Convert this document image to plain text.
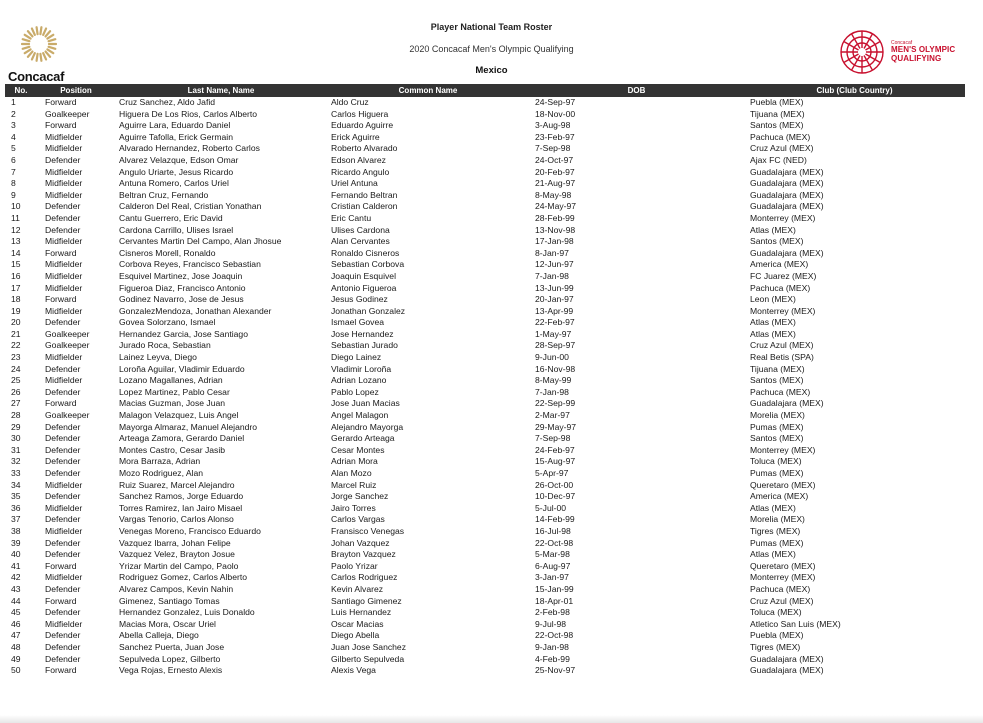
Concacaf
Player National Team Roster
2020 Concacaf Men's Olympic Qualifying
Mexico
Concacaf
MEN'S OLYMPIC
QUALIFYING
No.	Position	Last Name, Name	Common Name	DOB	Club (Club Country)
1	Forward	Cruz Sanchez, Aldo Jafid	Aldo Cruz	24-Sep-97	Puebla (MEX)
2	Goalkeeper	Higuera De Los Rios, Carlos Alberto	Carlos Higuera	18-Nov-00	Tijuana (MEX)
3	Forward	Aguirre Lara, Eduardo Daniel	Eduardo Aguirre	3-Aug-98	Santos (MEX)
4	Midfielder	Aguirre Tafolla, Erick Germain	Erick Aguirre	23-Feb-97	Pachuca (MEX)
5	Midfielder	Alvarado Hernandez, Roberto Carlos	Roberto Alvarado	7-Sep-98	Cruz Azul (MEX)
6	Defender	Alvarez Velazque, Edson Omar	Edson Alvarez	24-Oct-97	Ajax FC (NED)
7	Midfielder	Angulo Uriarte, Jesus Ricardo	Ricardo Angulo	20-Feb-97	Guadalajara (MEX)
8	Midfielder	Antuna Romero, Carlos Uriel	Uriel Antuna	21-Aug-97	Guadalajara (MEX)
9	Midfielder	Beltran Cruz, Fernando	Fernando Beltran	8-May-98	Guadalajara (MEX)
10	Defender	Calderon Del Real, Cristian Yonathan	Cristian Calderon	24-May-97	Guadalajara (MEX)
11	Defender	Cantu Guerrero, Eric David	Eric Cantu	28-Feb-99	Monterrey (MEX)
12	Defender	Cardona Carrillo, Ulises Israel	Ulises Cardona	13-Nov-98	Atlas (MEX)
13	Midfielder	Cervantes Martin Del Campo, Alan Jhosue	Alan Cervantes	17-Jan-98	Santos (MEX)
14	Forward	Cisneros Morell, Ronaldo	Ronaldo Cisneros	8-Jan-97	Guadalajara (MEX)
15	Midfielder	Corbova Reyes, Francisco Sebastian	Sebastian Corbova	12-Jun-97	America (MEX)
16	Midfielder	Esquivel Martinez, Jose Joaquin	Joaquin Esquivel	7-Jan-98	FC Juarez (MEX)
17	Midfielder	Figueroa Diaz, Francisco Antonio	Antonio Figueroa	13-Jun-99	Pachuca (MEX)
18	Forward	Godinez Navarro, Jose de Jesus	Jesus Godinez	20-Jan-97	Leon (MEX)
19	Midfielder	GonzalezMendoza, Jonathan Alexander	Jonathan Gonzalez	13-Apr-99	Monterrey (MEX)
20	Defender	Govea Solorzano, Ismael	Ismael Govea	22-Feb-97	Atlas (MEX)
21	Goalkeeper	Hernandez Garcia, Jose Santiago	Jose Hernandez	1-May-97	Atlas (MEX)
22	Goalkeeper	Jurado Roca, Sebastian	Sebastian Jurado	28-Sep-97	Cruz Azul (MEX)
23	Midfielder	Lainez Leyva, Diego	Diego Lainez	9-Jun-00	Real Betis (SPA)
24	Defender	Loroña Aguilar, Vladimir Eduardo	Vladimir Loroña	16-Nov-98	Tijuana (MEX)
25	Midfielder	Lozano Magallanes, Adrian	Adrian Lozano	8-May-99	Santos (MEX)
26	Defender	Lopez Martinez, Pablo Cesar	Pablo Lopez	7-Jan-98	Pachuca (MEX)
27	Forward	Macias Guzman, Jose Juan	Jose Juan Macias	22-Sep-99	Guadalajara (MEX)
28	Goalkeeper	Malagon Velazquez, Luis Angel	Angel Malagon	2-Mar-97	Morelia (MEX)
29	Defender	Mayorga Almaraz, Manuel Alejandro	Alejandro Mayorga	29-May-97	Pumas (MEX)
30	Defender	Arteaga Zamora, Gerardo Daniel	Gerardo Arteaga	7-Sep-98	Santos (MEX)
31	Defender	Montes Castro, Cesar Jasib	Cesar Montes	24-Feb-97	Monterrey (MEX)
32	Defender	Mora Barraza, Adrian	Adrian Mora	15-Aug-97	Toluca (MEX)
33	Defender	Mozo Rodriguez, Alan	Alan Mozo	5-Apr-97	Pumas (MEX)
34	Midfielder	Ruiz Suarez, Marcel Alejandro	Marcel Ruiz	26-Oct-00	Queretaro (MEX)
35	Defender	Sanchez Ramos, Jorge Eduardo	Jorge Sanchez	10-Dec-97	America (MEX)
36	Midfielder	Torres Ramirez, Ian Jairo Misael	Jairo Torres	5-Jul-00	Atlas (MEX)
37	Defender	Vargas Tenorio, Carlos Alonso	Carlos Vargas	14-Feb-99	Morelia (MEX)
38	Midfielder	Venegas Moreno, Francisco Eduardo	Fransisco Venegas	16-Jul-98	Tigres (MEX)
39	Defender	Vazquez Ibarra, Johan Felipe	Johan Vazquez	22-Oct-98	Pumas (MEX)
40	Defender	Vazquez Velez, Brayton Josue	Brayton Vazquez	5-Mar-98	Atlas (MEX)
41	Forward	Yrizar Martin del Campo, Paolo	Paolo Yrizar	6-Aug-97	Queretaro (MEX)
42	Midfielder	Rodriguez Gomez, Carlos Alberto	Carlos Rodriguez	3-Jan-97	Monterrey (MEX)
43	Defender	Alvarez Campos, Kevin Nahin	Kevin Alvarez	15-Jan-99	Pachuca (MEX)
44	Forward	Gimenez, Santiago Tomas	Santiago Gimenez	18-Apr-01	Cruz Azul (MEX)
45	Defender	Hernandez Gonzalez, Luis Donaldo	Luis Hernandez	2-Feb-98	Toluca (MEX)
46	Midfielder	Macias Mora, Oscar Uriel	Oscar Macias	9-Jul-98	Atletico San Luis (MEX)
47	Defender	Abella Calleja, Diego	Diego Abella	22-Oct-98	Puebla (MEX)
48	Defender	Sanchez Puerta, Juan Jose	Juan Jose Sanchez	9-Jan-98	Tigres (MEX)
49	Defender	Sepulveda Lopez, Gilberto	Gilberto Sepulveda	4-Feb-99	Guadalajara (MEX)
50	Forward	Vega Rojas, Ernesto Alexis	Alexis Vega	25-Nov-97	Guadalajara (MEX)
